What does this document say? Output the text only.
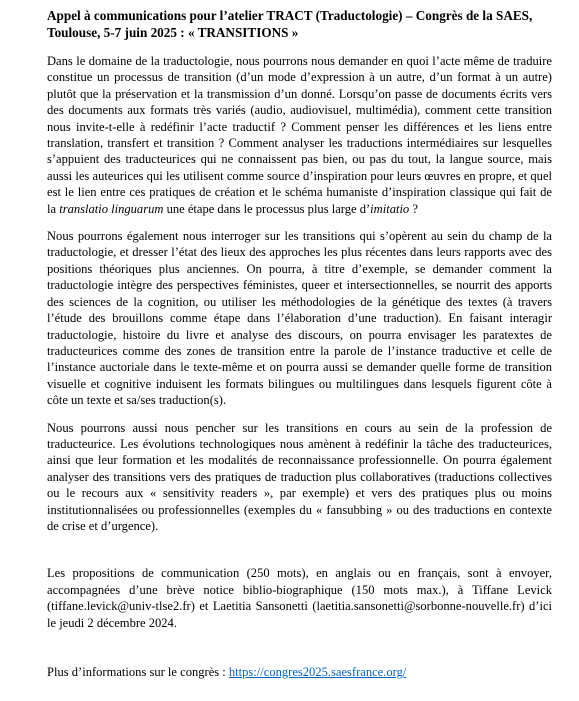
Appel à communications pour l’atelier TRACT (Traductologie) – Congrès de la SAES, Toulouse, 5-7 juin 2025 : « TRANSITIONS »

Dans le domaine de la traductologie, nous pourrons nous demander en quoi l’acte même de traduire constitue un processus de transition (d’un mode d’expression à un autre, d’un format à un autre) plutôt que la préservation et la transmission d’un donné. Lorsqu’on passe de documents écrits vers des documents aux formats très variés (audio, audiovisuel, multimédia), comment cette transition nous invite-t-elle à redéfinir l’acte traductif ? Comment penser les différences et les liens entre translation, transfert et transition ? Comment analyser les traductions intermédiaires sur lesquelles s’appuient des traducteurices qui ne connaissent pas bien, ou pas du tout, la langue source, mais aussi les auteurices qui les utilisent comme source d’inspiration pour leurs œuvres en propre, et quel est le lien entre ces pratiques de création et le schéma humaniste d’inspiration classique qui fait de la translatio linguarum une étape dans le processus plus large d’imitatio ?

Nous pourrons également nous interroger sur les transitions qui s’opèrent au sein du champ de la traductologie, et dresser l’état des lieux des approches les plus récentes dans leurs rapports avec des positions théoriques plus anciennes. On pourra, à titre d’exemple, se demander comment la traductologie intègre des perspectives féministes, queer et intersectionnelles, se nourrit des apports des sciences de la cognition, ou utiliser les méthodologies de la génétique des textes (à travers l’étude des brouillons comme étape dans l’élaboration d’une traduction). En faisant interagir traductologie, histoire du livre et analyse des discours, on pourra envisager les paratextes de traducteurices comme des zones de transition entre la parole de l’instance traductive et celle de l’instance auctoriale dans le texte-même et on pourra aussi se demander quelle forme de transition visuelle et cognitive induisent les formats bilingues ou multilingues dans lesquels figurent côte à côte un texte et sa/ses traduction(s).

Nous pourrons aussi nous pencher sur les transitions en cours au sein de la profession de traducteurice. Les évolutions technologiques nous amènent à redéfinir la tâche des traducteurices, ainsi que leur formation et les modalités de reconnaissance professionnelle. On pourra également analyser des transitions vers des pratiques de traduction plus collaboratives (traductions collectives ou le recours aux « sensitivity readers », par exemple) et vers des pratiques plus ou moins institutionnalisées ou professionnelles (exemples du « fansubbing » ou des traductions en contexte de crise et d’urgence).

Les propositions de communication (250 mots), en anglais ou en français, sont à envoyer, accompagnées d’une brève notice biblio-biographique (150 mots max.), à Tiffane Levick (tiffane.levick@univ-tlse2.fr) et Laetitia Sansonetti (laetitia.sansonetti@sorbonne-nouvelle.fr) d’ici le jeudi 2 décembre 2024.

Plus d’informations sur le congrès : https://congres2025.saesfrance.org/
